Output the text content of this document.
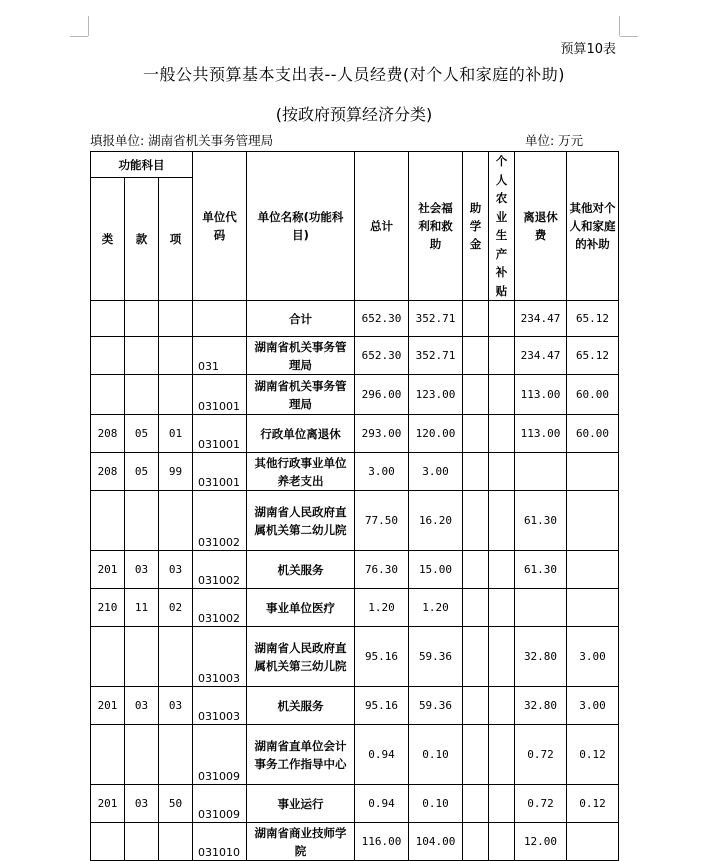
预算10表
一般公共预算基本支出表--人员经费(对个人和家庭的补助)
(按政府预算经济分类)
填报单位: 湖南省机关事务管理局	单位: 万元
功能科目			单位代码	单位名称(功能科目)	总计	社会福利和救助	助学金	个人农业生产补贴	离退休费	其他对个人和家庭的补助

类	款	项								
				合计	652.30	352.71			234.47	65.12
			031	湖南省机关事务管理局	652.30	352.71			234.47	65.12
			031001	湖南省机关事务管理局	296.00	123.00			113.00	60.00
208	05	01	031001	行政单位离退休	293.00	120.00			113.00	60.00
208	05	99	031001	其他行政事业单位养老支出	3.00	3.00				
			031002	湖南省人民政府直属机关第二幼儿院	77.50	16.20			61.30	
201	03	03	031002	机关服务	76.30	15.00			61.30	
210	11	02	031002	事业单位医疗	1.20	1.20				
			031003	湖南省人民政府直属机关第三幼儿院	95.16	59.36			32.80	3.00
201	03	03	031003	机关服务	95.16	59.36			32.80	3.00
			031009	湖南省直单位会计事务工作指导中心	0.94	0.10			0.72	0.12
201	03	50	031009	事业运行	0.94	0.10			0.72	0.12
			031010	湖南省商业技师学院	116.00	104.00			12.00	
